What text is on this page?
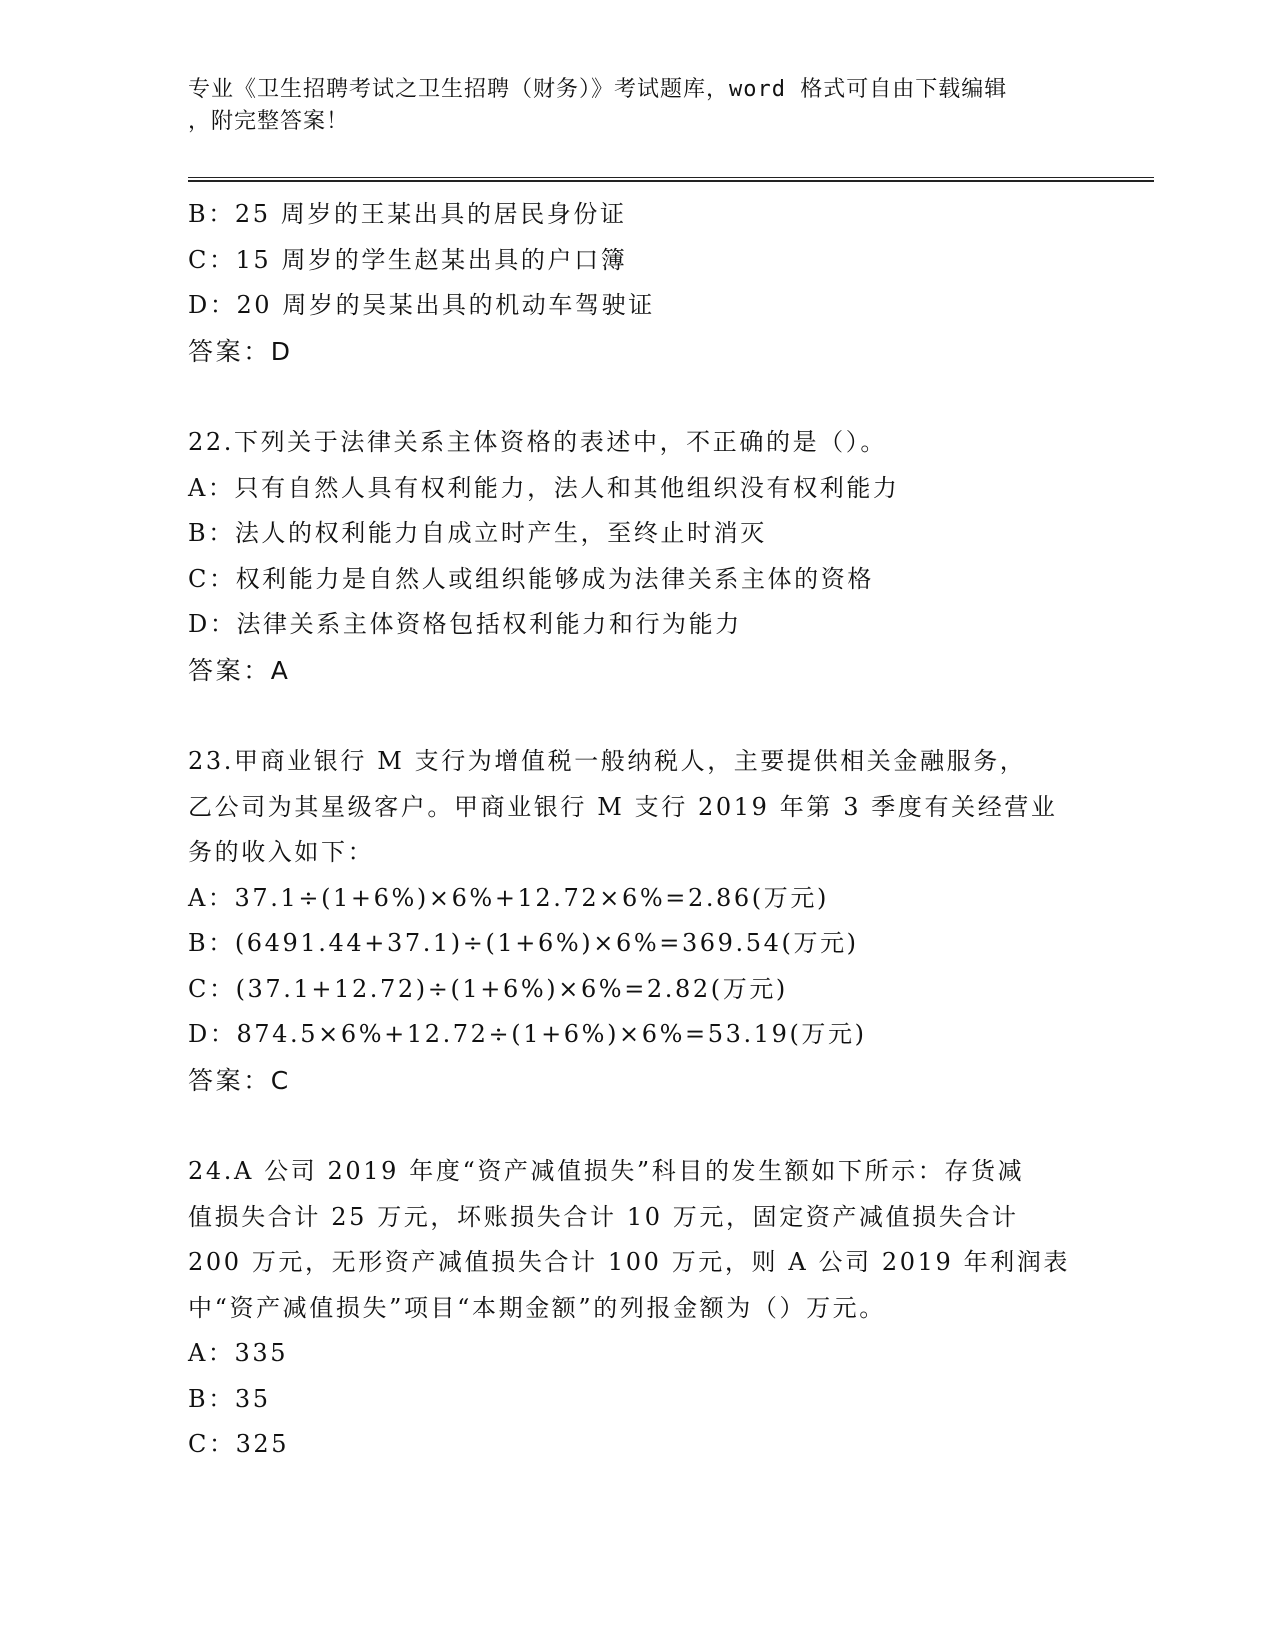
专业《卫生招聘考试之卫生招聘（财务）》考试题库，word 格式可自由下载编辑
，附完整答案！
B：25 周岁的王某出具的居民身份证
C：15 周岁的学生赵某出具的户口簿
D：20 周岁的吴某出具的机动车驾驶证
答案：D
22.下列关于法律关系主体资格的表述中，不正确的是（）。
A：只有自然人具有权利能力，法人和其他组织没有权利能力
B：法人的权利能力自成立时产生，至终止时消灭
C：权利能力是自然人或组织能够成为法律关系主体的资格
D：法律关系主体资格包括权利能力和行为能力
答案：A
23.甲商业银行 M 支行为增值税一般纳税人，主要提供相关金融服务，
乙公司为其星级客户。甲商业银行 M 支行 2019 年第 3 季度有关经营业
务的收入如下：
A：37.1÷(1+6%)×6%+12.72×6%=2.86(万元)
B：(6491.44+37.1)÷(1+6%)×6%=369.54(万元)
C：(37.1+12.72)÷(1+6%)×6%=2.82(万元)
D：874.5×6%+12.72÷(1+6%)×6%=53.19(万元)
答案：C
24.A 公司 2019 年度“资产减值损失”科目的发生额如下所示：存货减
值损失合计 25 万元，坏账损失合计 10 万元，固定资产减值损失合计
200 万元，无形资产减值损失合计 100 万元，则 A 公司 2019 年利润表
中“资产减值损失”项目“本期金额”的列报金额为（）万元。
A：335
B：35
C：325
